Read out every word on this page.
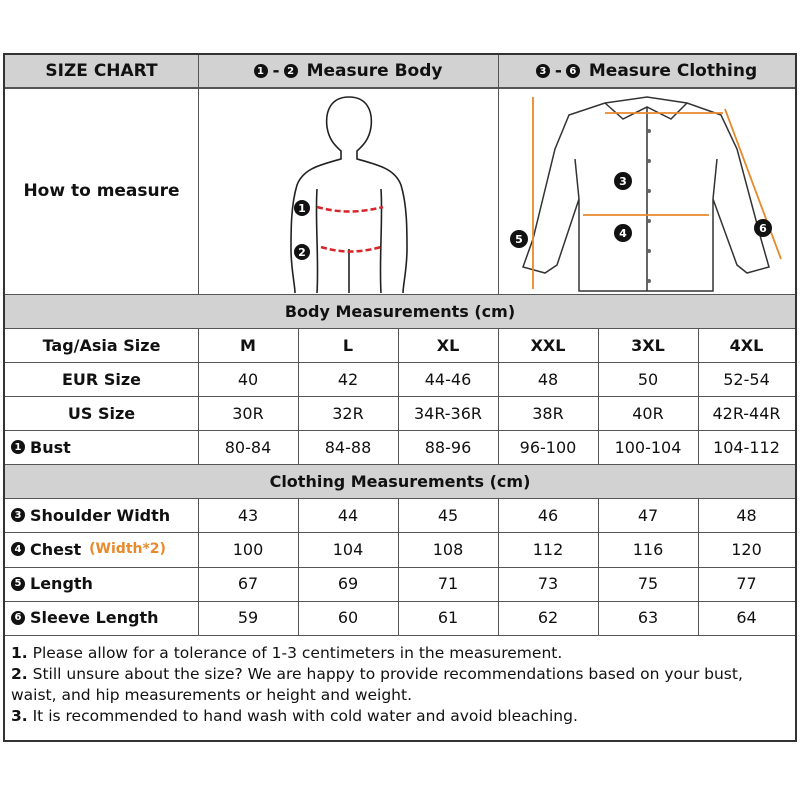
SIZE CHART	1 - 2 Measure Body	3 - 6 Measure Clothing
How to measure
1
2
3
4
5
6
Body Measurements (cm)
Tag/Asia Size	M	L	XL	XXL	3XL	4XL
EUR Size	40	42	44-46	48	50	52-54
US Size	30R	32R	34R-36R	38R	40R	42R-44R
1 Bust	80-84	84-88	88-96	96-100	100-104	104-112
Clothing Measurements (cm)
3 Shoulder Width	43	44	45	46	47	48
4 Chest (Width*2)	100	104	108	112	116	120
5 Length	67	69	71	73	75	77
6 Sleeve Length	59	60	61	62	63	64
1. Please allow for a tolerance of 1-3 centimeters in the measurement.
2. Still unsure about the size? We are happy to provide recommendations based on your bust, waist, and hip measurements or height and weight.
3. It is recommended to hand wash with cold water and avoid bleaching.
